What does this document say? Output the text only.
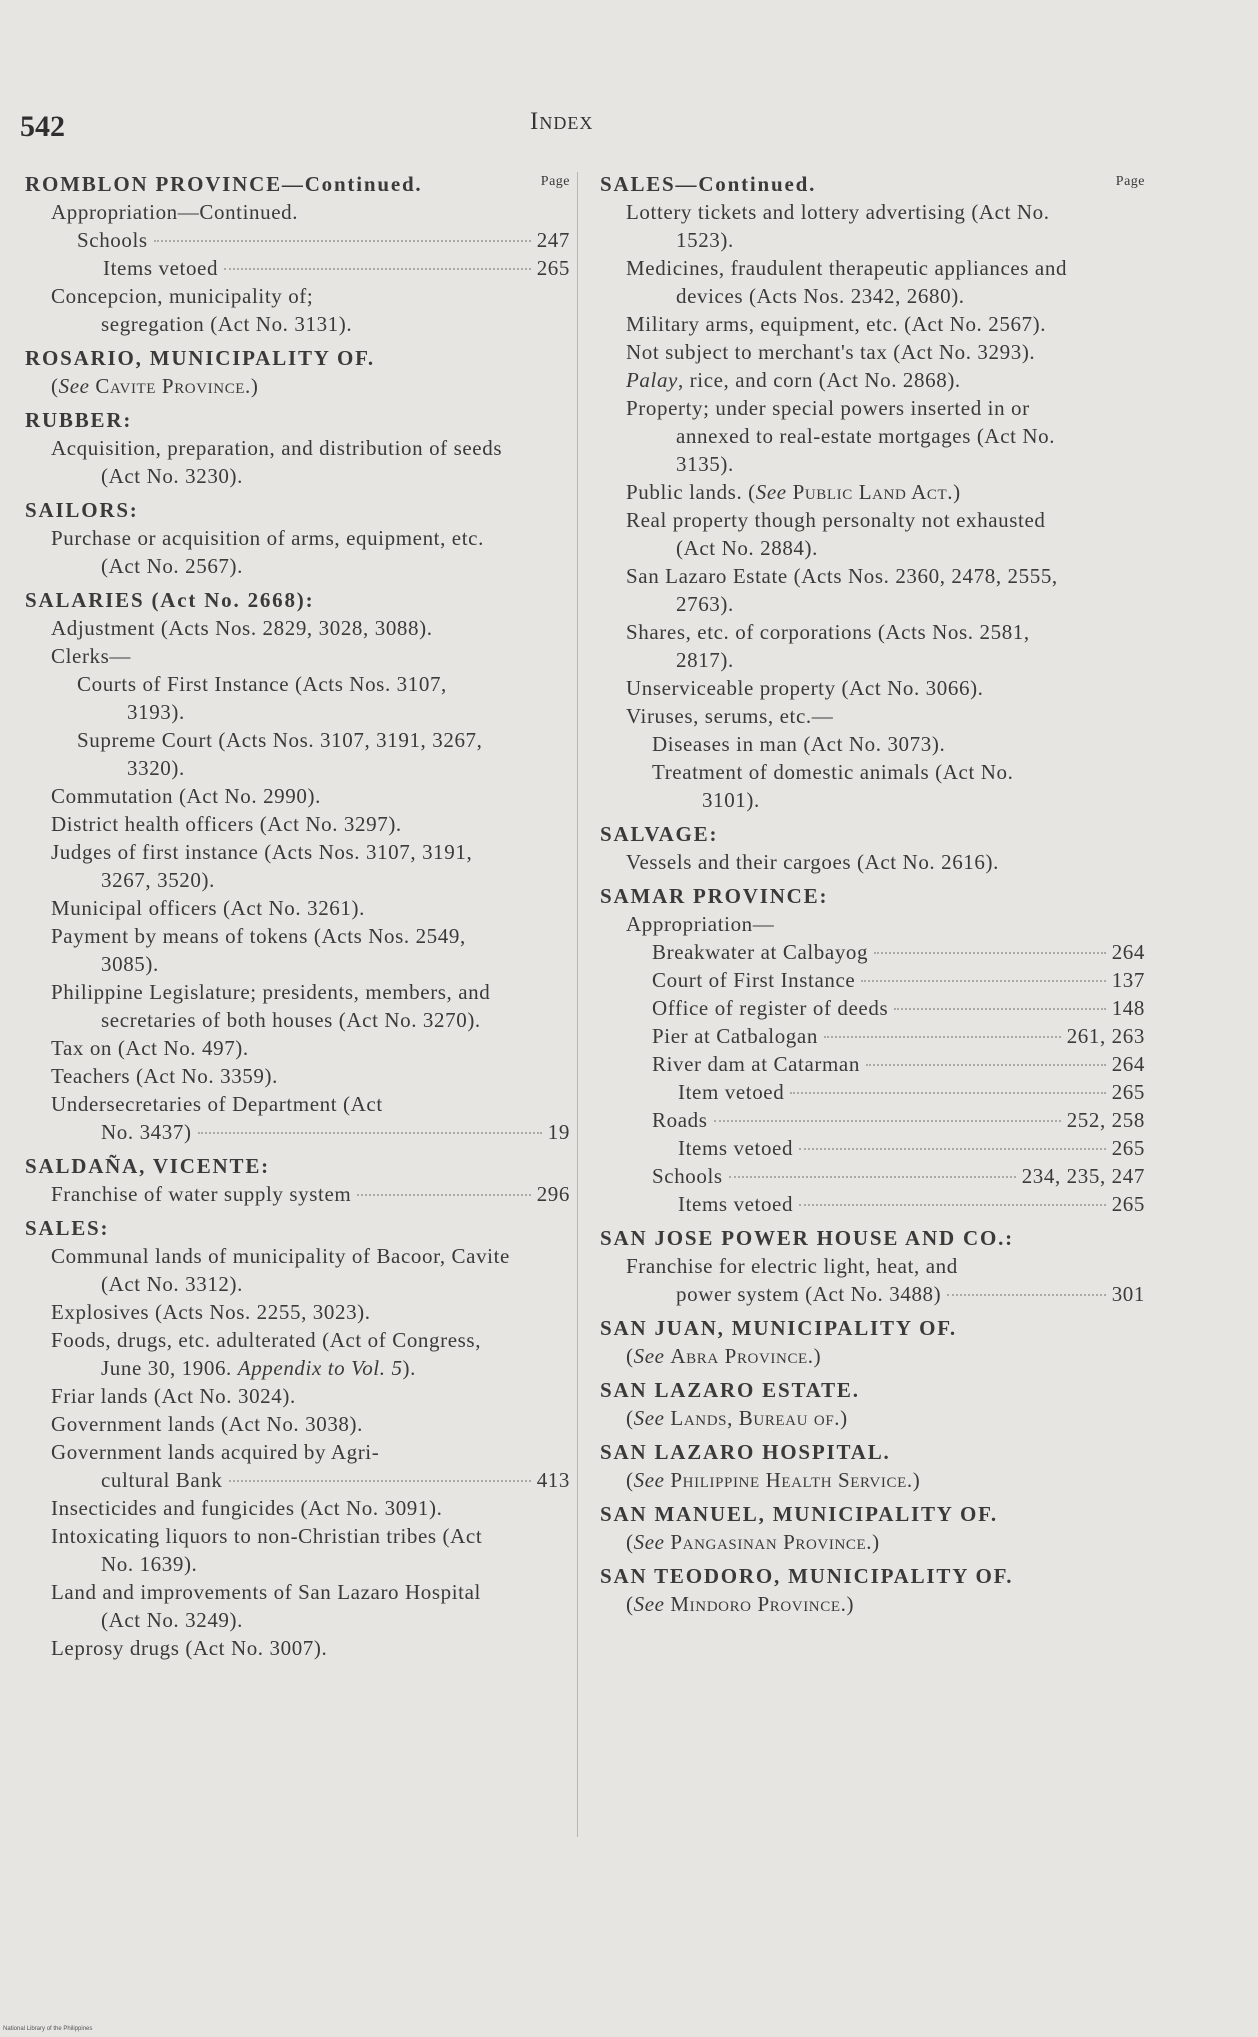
542	Index
Page
ROMBLON PROVINCE—Continued.
Appropriation—Continued.
Schools	247
Items vetoed	265
Concepcion, municipality of; segregation (Act No. 3131).
ROSARIO, MUNICIPALITY OF.
(See Cavite Province.)
RUBBER:
Acquisition, preparation, and distribution of seeds (Act No. 3230).
SAILORS:
Purchase or acquisition of arms, equipment, etc. (Act No. 2567).
SALARIES (Act No. 2668):
Adjustment (Acts Nos. 2829, 3028, 3088).
Clerks—
Courts of First Instance (Acts Nos. 3107, 3193).
Supreme Court (Acts Nos. 3107, 3191, 3267, 3320).
Commutation (Act No. 2990).
District health officers (Act No. 3297).
Judges of first instance (Acts Nos. 3107, 3191, 3267, 3520).
Municipal officers (Act No. 3261).
Payment by means of tokens (Acts Nos. 2549, 3085).
Philippine Legislature; presidents, members, and secretaries of both houses (Act No. 3270).
Tax on (Act No. 497).
Teachers (Act No. 3359).
Undersecretaries of Department (Act
No. 3437)	19
SALDAÑA, VICENTE:
Franchise of water supply system	296
SALES:
Communal lands of municipality of Bacoor, Cavite (Act No. 3312).
Explosives (Acts Nos. 2255, 3023).
Foods, drugs, etc. adulterated (Act of Congress, June 30, 1906. Appendix to Vol. 5).
Friar lands (Act No. 3024).
Government lands (Act No. 3038).
Government lands acquired by Agri-
cultural Bank	413
Insecticides and fungicides (Act No. 3091).
Intoxicating liquors to non-Christian tribes (Act No. 1639).
Land and improvements of San Lazaro Hospital (Act No. 3249).
Leprosy drugs (Act No. 3007).
Page
SALES—Continued.
Lottery tickets and lottery advertising (Act No. 1523).
Medicines, fraudulent therapeutic appliances and devices (Acts Nos. 2342, 2680).
Military arms, equipment, etc. (Act No. 2567).
Not subject to merchant's tax (Act No. 3293).
Palay, rice, and corn (Act No. 2868).
Property; under special powers inserted in or annexed to real-estate mortgages (Act No. 3135).
Public lands. (See Public Land Act.)
Real property though personalty not exhausted (Act No. 2884).
San Lazaro Estate (Acts Nos. 2360, 2478, 2555, 2763).
Shares, etc. of corporations (Acts Nos. 2581, 2817).
Unserviceable property (Act No. 3066).
Viruses, serums, etc.—
Diseases in man (Act No. 3073).
Treatment of domestic animals (Act No. 3101).
SALVAGE:
Vessels and their cargoes (Act No. 2616).
SAMAR PROVINCE:
Appropriation—
Breakwater at Calbayog	264
Court of First Instance	137
Office of register of deeds	148
Pier at Catbalogan	261, 263
River dam at Catarman	264
Item vetoed	265
Roads	252, 258
Items vetoed	265
Schools	234, 235, 247
Items vetoed	265
SAN JOSE POWER HOUSE AND CO.:
Franchise for electric light, heat, and
power system (Act No. 3488)	301
SAN JUAN, MUNICIPALITY OF.
(See Abra Province.)
SAN LAZARO ESTATE.
(See Lands, Bureau of.)
SAN LAZARO HOSPITAL.
(See Philippine Health Service.)
SAN MANUEL, MUNICIPALITY OF.
(See Pangasinan Province.)
SAN TEODORO, MUNICIPALITY OF.
(See Mindoro Province.)
National Library of the Philippines
